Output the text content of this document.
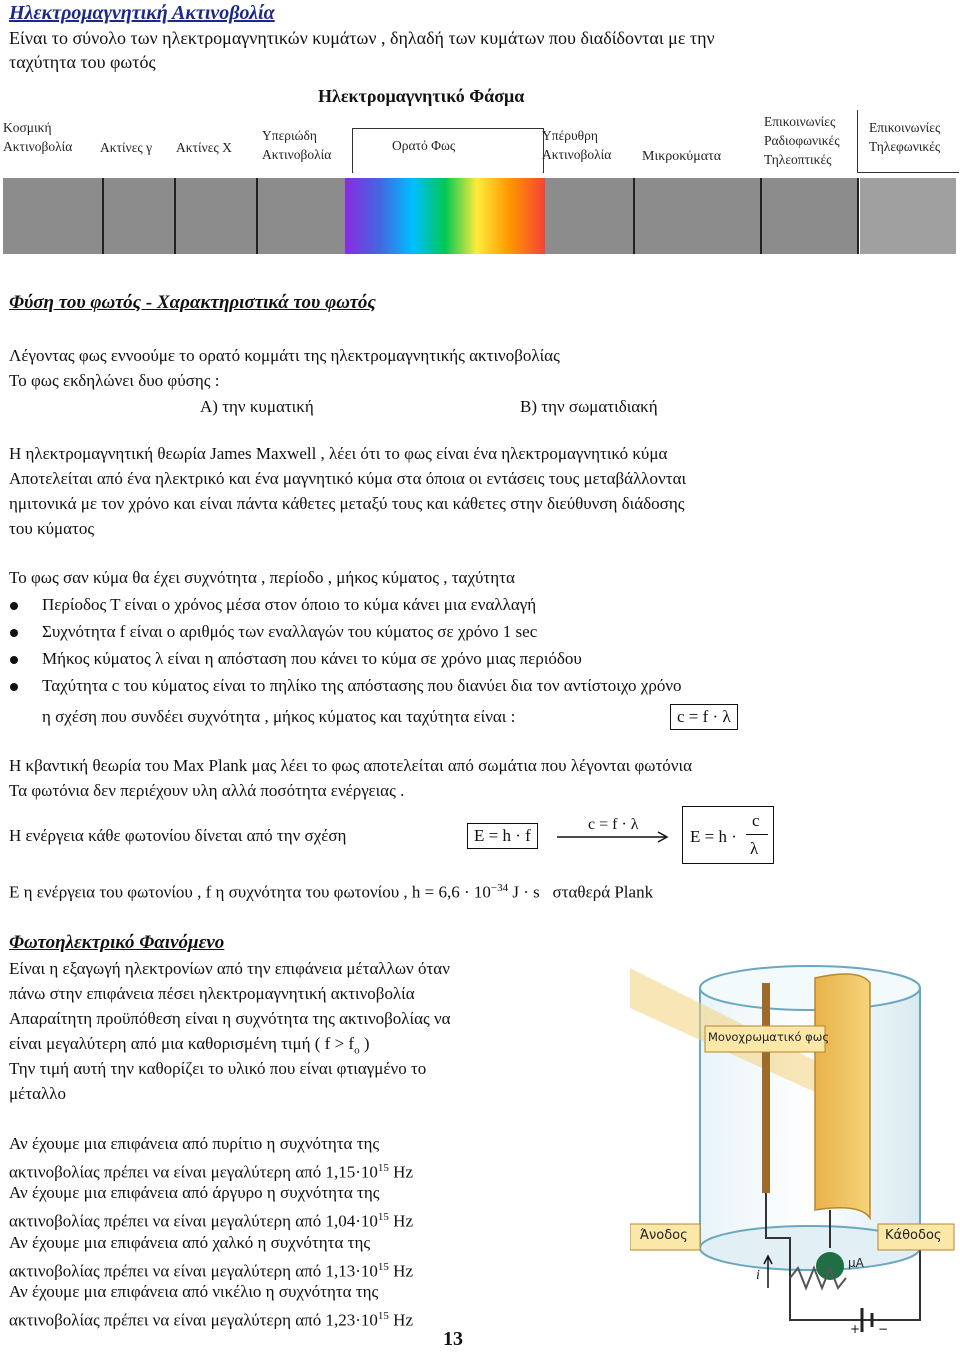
Ηλεκτρομαγνητική Ακτινοβολία
Είναι το σύνολο των ηλεκτρομαγνητικών κυμάτων , δηλαδή των κυμάτων που διαδίδονται με την
ταχύτητα του φωτός
Ηλεκτρομαγνητικό Φάσμα
Κοσμική
Ακτινοβολία	Ακτίνες γ Ακτίνες Χ
Υπεριώδη
Ακτινοβολία
Ορατό Φως
Υπέρυθρη
Ακτινοβολία Μικροκύματα
Επικοινωνίες
Ραδιοφωνικές
Τηλεοπτικές
Επικοινωνίες
Τηλεφωνικές
Φύση του φωτός - Χαρακτηριστικά του φωτός
Λέγοντας φως εννοούμε το ορατό κομμάτι της ηλεκτρομαγνητικής ακτινοβολίας
Το φως εκδηλώνει δυο φύσης :
Α) την κυματική	Β) την σωματιδιακή
Η ηλεκτρομαγνητική θεωρία James Maxwell , λέει ότι το φως είναι ένα ηλεκτρομαγνητικό κύμα
Αποτελείται από ένα ηλεκτρικό και ένα μαγνητικό κύμα στα όποια οι εντάσεις τους μεταβάλλονται
ημιτονικά με τον χρόνο και είναι πάντα κάθετες μεταξύ τους και κάθετες στην διεύθυνση διάδοσης
του κύματος
Το φως σαν κύμα θα έχει συχνότητα , περίοδο , μήκος κύματος , ταχύτητα
Περίοδος Τ είναι ο χρόνος μέσα στον όποιο το κύμα κάνει μια εναλλαγή
Συχνότητα f είναι ο αριθμός των εναλλαγών του κύματος σε χρόνο 1 sec
Μήκος κύματος λ είναι η απόσταση που κάνει το κύμα σε χρόνο μιας περιόδου
Ταχύτητα c του κύματος είναι το πηλίκο της απόστασης που διανύει δια τον αντίστοιχο χρόνο
η σχέση που συνδέει συχνότητα , μήκος κύματος και ταχύτητα είναι :	c = f · λ
Η κβαντική θεωρία του Max Plank μας λέει το φως αποτελείται από σωμάτια που λέγονται φωτόνια
Τα φωτόνια δεν περιέχουν υλη αλλά ποσότητα ενέργειας .
Η ενέργεια κάθε φωτονίου δίνεται από την σχέση	E = h · f
c = f · λ
E = h ·
c
λ
Ε η ενέργεια του φωτονίου , f η συχνότητα του φωτονίου , $h = 6,6 \cdot 10^{-34}$ J · s σταθερά Plank
Φωτοηλεκτρικό Φαινόμενο
Είναι η εξαγωγή ηλεκτρονίων από την επιφάνεια μέταλλων όταν
πάνω στην επιφάνεια πέσει ηλεκτρομαγνητική ακτινοβολία
Απαραίτητη προϋπόθεση είναι η συχνότητα της ακτινοβολίας να
είναι μεγαλύτερη από μια καθορισμένη τιμή ( $f > f_o$ )
Την τιμή αυτή την καθορίζει το υλικό που είναι φτιαγμένο το
μέταλλο
Αν έχουμε μια επιφάνεια από πυρίτιο η συχνότητα της
ακτινοβολίας πρέπει να είναι μεγαλύτερη από $1,15\cdot 10^{15}$ Hz
Αν έχουμε μια επιφάνεια από άργυρο η συχνότητα της
ακτινοβολίας πρέπει να είναι μεγαλύτερη από $1,04\cdot 10^{15}$ Hz
Αν έχουμε μια επιφάνεια από χαλκό η συχνότητα της
ακτινοβολίας πρέπει να είναι μεγαλύτερη από $1,13\cdot 10^{15}$ Hz
Αν έχουμε μια επιφάνεια από νικέλιο η συχνότητα της
ακτινοβολίας πρέπει να είναι μεγαλύτερη από $1,23\cdot 10^{15}$ Hz
Μονοχρωματικό φως
Άνοδος	Κάθοδος
μΑ
i
+ −
13
